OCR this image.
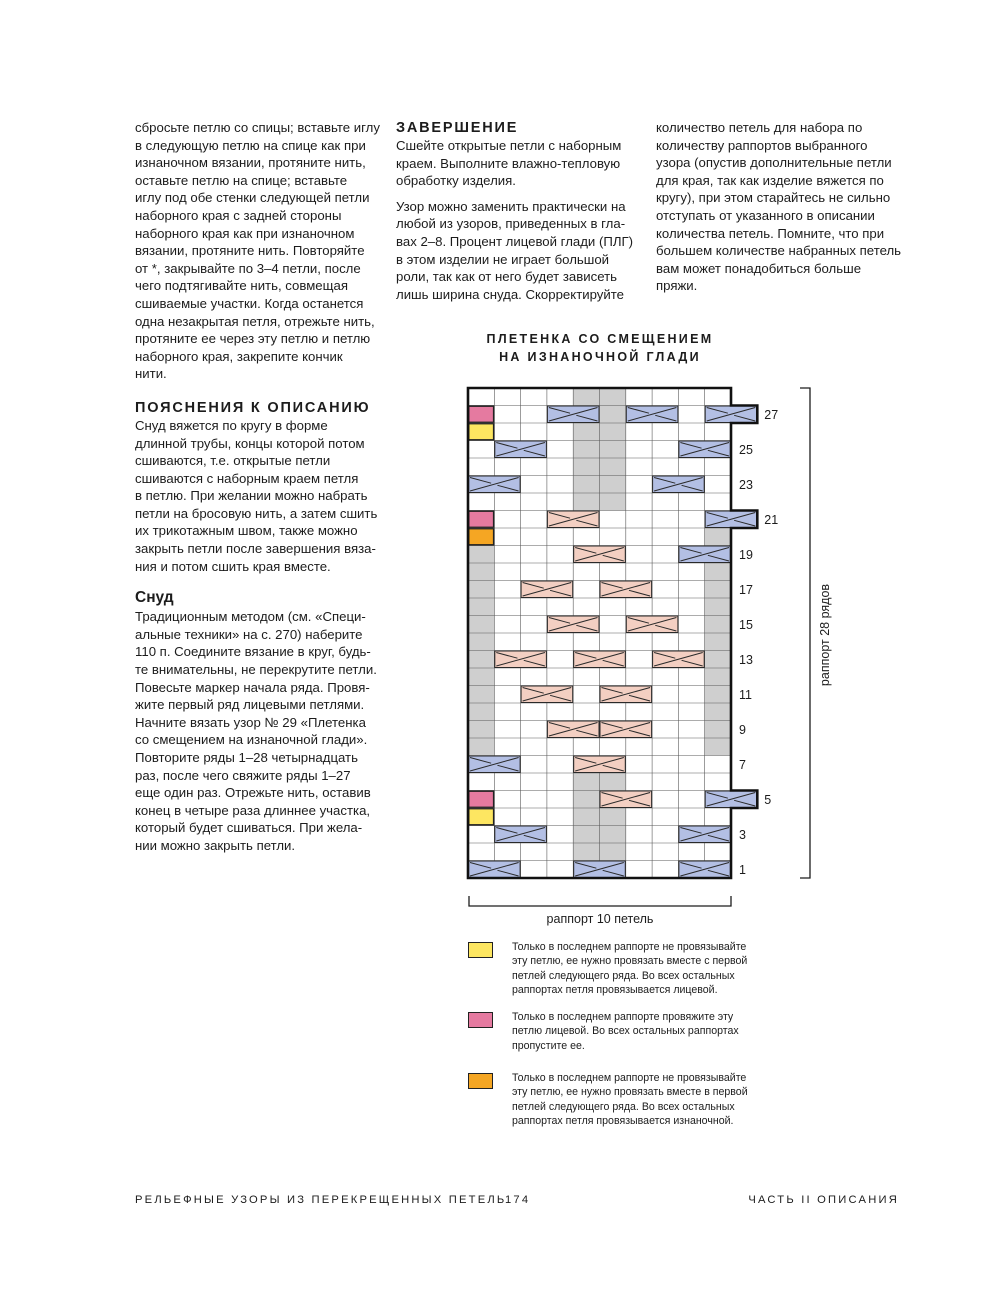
сбросьте петлю со спицы; вставьте иглу
в следующую петлю на спице как при
изнаночном вязании, протяните нить,
оставьте петлю на спице; вставьте
иглу под обе стенки следующей петли
наборного края с задней стороны
наборного края как при изнаночном
вязании, протяните нить. Повторяйте
от *, закрывайте по 3–4 петли, после
чего подтягивайте нить, совмещая
сшиваемые участки. Когда останется
одна незакрытая петля, отрежьте нить,
протяните ее через эту петлю и петлю
наборного края, закрепите кончик
нити.

ПОЯСНЕНИЯ К ОПИСАНИЮ

Снуд вяжется по кругу в форме
длинной трубы, концы которой потом
сшиваются, т.е. открытые петли
сшиваются с наборным краем петля
в петлю. При желании можно набрать
петли на бросовую нить, а затем сшить
их трикотажным швом, также можно
закрыть петли после завершения вяза-
ния и потом сшить края вместе.

Снуд

Традиционным методом (см. «Специ-
альные техники» на с. 270) наберите
110 п. Соедините вязание в круг, будь-
те внимательны, не перекрутите петли.
Повесьте маркер начала ряда. Провя-
жите первый ряд лицевыми петлями.
Начните вязать узор № 29 «Плетенка
со смещением на изнаночной глади».
Повторите ряды 1–28 четырнадцать
раз, после чего свяжите ряды 1–27
еще один раз. Отрежьте нить, оставив
конец в четыре раза длиннее участка,
который будет сшиваться. При жела-
нии можно закрыть петли.

ЗАВЕРШЕНИЕ

Сшейте открытые петли с наборным
краем. Выполните влажно-тепловую
обработку изделия.

Узор можно заменить практически на
любой из узоров, приведенных в гла-
вах 2–8. Процент лицевой глади (ПЛГ)
в этом изделии не играет большой
роли, так как от него будет зависеть
лишь ширина снуда. Скорректируйте

количество петель для набора по
количеству раппортов выбранного
узора (опустив дополнительные петли
для края, так как изделие вяжется по
кругу), при этом старайтесь не сильно
отступать от указанного в описании
количества петель. Помните, что при
большем количестве набранных петель
вам может понадобиться больше
пряжи.

ПЛЕТЕНКА СО СМЕЩЕНИЕМ
НА ИЗНАНОЧНОЙ ГЛАДИ
1
3
5
7
9
11
13
15
17
19
21
23
25
27
раппорт 28 рядов
раппорт 10 петель
Только в последнем раппорте не провязывайте
эту петлю, ее нужно провязать вместе с первой
петлей следующего ряда. Во всех остальных
раппортах петля провязывается лицевой.
Только в последнем раппорте провяжите эту
петлю лицевой. Во всех остальных раппортах
пропустите ее.
Только в последнем раппорте не провязывайте
эту петлю, ее нужно провязать вместе в первой
петлей следующего ряда. Во всех остальных
раппортах петля провязывается изнаночной.
РЕЛЬЕФНЫЕ УЗОРЫ ИЗ ПЕРЕКРЕЩЕННЫХ ПЕТЕЛЬ
174	ЧАСТЬ II ОПИСАНИЯ
